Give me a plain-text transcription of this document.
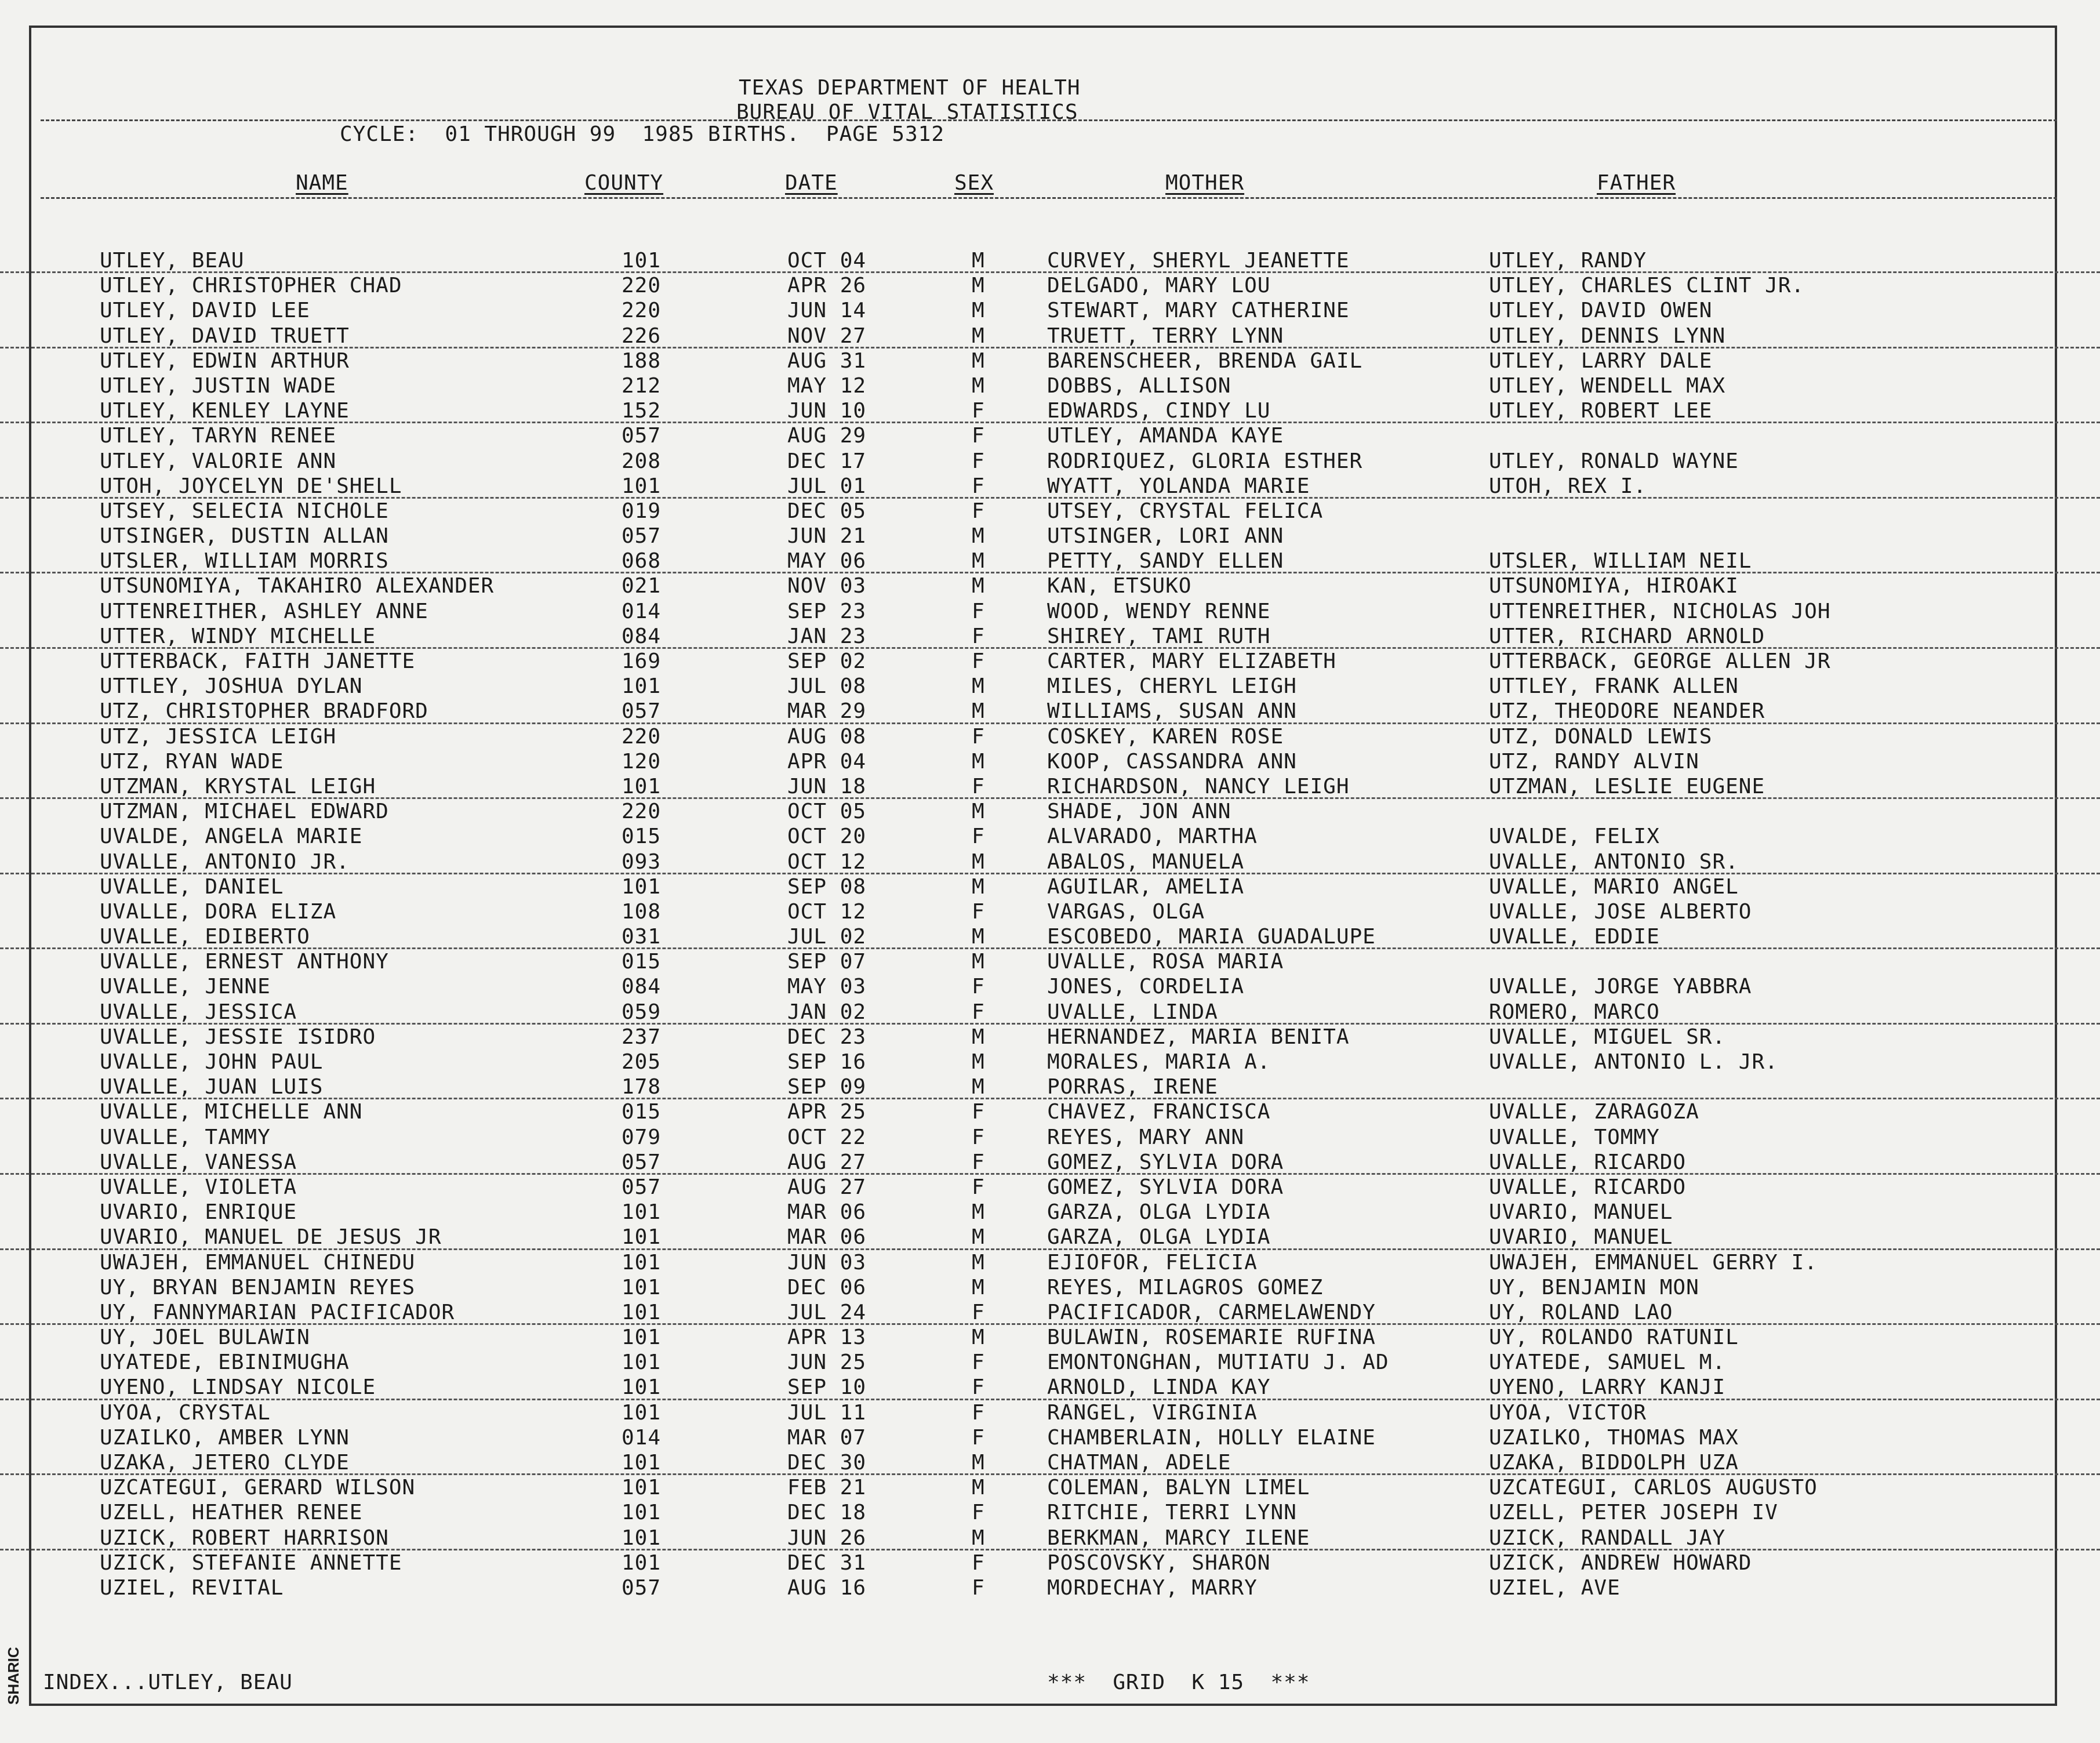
TEXAS DEPARTMENT OF HEALTH
BUREAU OF VITAL STATISTICS
CYCLE:  01 THROUGH 99  1985 BIRTHS.  PAGE 5312
NAME	COUNTY	DATE	SEX	MOTHER	FATHER
UTLEY, BEAU	101	OCT 04	M	CURVEY, SHERYL JEANETTE	UTLEY, RANDY
UTLEY, CHRISTOPHER CHAD	220	APR 26	M	DELGADO, MARY LOU	UTLEY, CHARLES CLINT JR.
UTLEY, DAVID LEE	220	JUN 14	M	STEWART, MARY CATHERINE	UTLEY, DAVID OWEN
UTLEY, DAVID TRUETT	226	NOV 27	M	TRUETT, TERRY LYNN	UTLEY, DENNIS LYNN
UTLEY, EDWIN ARTHUR	188	AUG 31	M	BARENSCHEER, BRENDA GAIL	UTLEY, LARRY DALE
UTLEY, JUSTIN WADE	212	MAY 12	M	DOBBS, ALLISON	UTLEY, WENDELL MAX
UTLEY, KENLEY LAYNE	152	JUN 10	F	EDWARDS, CINDY LU	UTLEY, ROBERT LEE
UTLEY, TARYN RENEE	057	AUG 29	F	UTLEY, AMANDA KAYE
UTLEY, VALORIE ANN	208	DEC 17	F	RODRIQUEZ, GLORIA ESTHER	UTLEY, RONALD WAYNE
UTOH, JOYCELYN DE'SHELL	101	JUL 01	F	WYATT, YOLANDA MARIE	UTOH, REX I.
UTSEY, SELECIA NICHOLE	019	DEC 05	F	UTSEY, CRYSTAL FELICA
UTSINGER, DUSTIN ALLAN	057	JUN 21	M	UTSINGER, LORI ANN
UTSLER, WILLIAM MORRIS	068	MAY 06	M	PETTY, SANDY ELLEN	UTSLER, WILLIAM NEIL
UTSUNOMIYA, TAKAHIRO ALEXANDER	021	NOV 03	M	KAN, ETSUKO	UTSUNOMIYA, HIROAKI
UTTENREITHER, ASHLEY ANNE	014	SEP 23	F	WOOD, WENDY RENNE	UTTENREITHER, NICHOLAS JOH
UTTER, WINDY MICHELLE	084	JAN 23	F	SHIREY, TAMI RUTH	UTTER, RICHARD ARNOLD
UTTERBACK, FAITH JANETTE	169	SEP 02	F	CARTER, MARY ELIZABETH	UTTERBACK, GEORGE ALLEN JR
UTTLEY, JOSHUA DYLAN	101	JUL 08	M	MILES, CHERYL LEIGH	UTTLEY, FRANK ALLEN
UTZ, CHRISTOPHER BRADFORD	057	MAR 29	M	WILLIAMS, SUSAN ANN	UTZ, THEODORE NEANDER
UTZ, JESSICA LEIGH	220	AUG 08	F	COSKEY, KAREN ROSE	UTZ, DONALD LEWIS
UTZ, RYAN WADE	120	APR 04	M	KOOP, CASSANDRA ANN	UTZ, RANDY ALVIN
UTZMAN, KRYSTAL LEIGH	101	JUN 18	F	RICHARDSON, NANCY LEIGH	UTZMAN, LESLIE EUGENE
UTZMAN, MICHAEL EDWARD	220	OCT 05	M	SHADE, JON ANN
UVALDE, ANGELA MARIE	015	OCT 20	F	ALVARADO, MARTHA	UVALDE, FELIX
UVALLE, ANTONIO JR.	093	OCT 12	M	ABALOS, MANUELA	UVALLE, ANTONIO SR.
UVALLE, DANIEL	101	SEP 08	M	AGUILAR, AMELIA	UVALLE, MARIO ANGEL
UVALLE, DORA ELIZA	108	OCT 12	F	VARGAS, OLGA	UVALLE, JOSE ALBERTO
UVALLE, EDIBERTO	031	JUL 02	M	ESCOBEDO, MARIA GUADALUPE	UVALLE, EDDIE
UVALLE, ERNEST ANTHONY	015	SEP 07	M	UVALLE, ROSA MARIA
UVALLE, JENNE	084	MAY 03	F	JONES, CORDELIA	UVALLE, JORGE YABBRA
UVALLE, JESSICA	059	JAN 02	F	UVALLE, LINDA	ROMERO, MARCO
UVALLE, JESSIE ISIDRO	237	DEC 23	M	HERNANDEZ, MARIA BENITA	UVALLE, MIGUEL SR.
UVALLE, JOHN PAUL	205	SEP 16	M	MORALES, MARIA A.	UVALLE, ANTONIO L. JR.
UVALLE, JUAN LUIS	178	SEP 09	M	PORRAS, IRENE
UVALLE, MICHELLE ANN	015	APR 25	F	CHAVEZ, FRANCISCA	UVALLE, ZARAGOZA
UVALLE, TAMMY	079	OCT 22	F	REYES, MARY ANN	UVALLE, TOMMY
UVALLE, VANESSA	057	AUG 27	F	GOMEZ, SYLVIA DORA	UVALLE, RICARDO
UVALLE, VIOLETA	057	AUG 27	F	GOMEZ, SYLVIA DORA	UVALLE, RICARDO
UVARIO, ENRIQUE	101	MAR 06	M	GARZA, OLGA LYDIA	UVARIO, MANUEL
UVARIO, MANUEL DE JESUS JR	101	MAR 06	M	GARZA, OLGA LYDIA	UVARIO, MANUEL
UWAJEH, EMMANUEL CHINEDU	101	JUN 03	M	EJIOFOR, FELICIA	UWAJEH, EMMANUEL GERRY I.
UY, BRYAN BENJAMIN REYES	101	DEC 06	M	REYES, MILAGROS GOMEZ	UY, BENJAMIN MON
UY, FANNYMARIAN PACIFICADOR	101	JUL 24	F	PACIFICADOR, CARMELAWENDY	UY, ROLAND LAO
UY, JOEL BULAWIN	101	APR 13	M	BULAWIN, ROSEMARIE RUFINA	UY, ROLANDO RATUNIL
UYATEDE, EBINIMUGHA	101	JUN 25	F	EMONTONGHAN, MUTIATU J. AD	UYATEDE, SAMUEL M.
UYENO, LINDSAY NICOLE	101	SEP 10	F	ARNOLD, LINDA KAY	UYENO, LARRY KANJI
UYOA, CRYSTAL	101	JUL 11	F	RANGEL, VIRGINIA	UYOA, VICTOR
UZAILKO, AMBER LYNN	014	MAR 07	F	CHAMBERLAIN, HOLLY ELAINE	UZAILKO, THOMAS MAX
UZAKA, JETERO CLYDE	101	DEC 30	M	CHATMAN, ADELE	UZAKA, BIDDOLPH UZA
UZCATEGUI, GERARD WILSON	101	FEB 21	M	COLEMAN, BALYN LIMEL	UZCATEGUI, CARLOS AUGUSTO
UZELL, HEATHER RENEE	101	DEC 18	F	RITCHIE, TERRI LYNN	UZELL, PETER JOSEPH IV
UZICK, ROBERT HARRISON	101	JUN 26	M	BERKMAN, MARCY ILENE	UZICK, RANDALL JAY
UZICK, STEFANIE ANNETTE	101	DEC 31	F	POSCOVSKY, SHARON	UZICK, ANDREW HOWARD
UZIEL, REVITAL	057	AUG 16	F	MORDECHAY, MARRY	UZIEL, AVE
INDEX...UTLEY, BEAU	***  GRID  K 15  ***
SHARIC
